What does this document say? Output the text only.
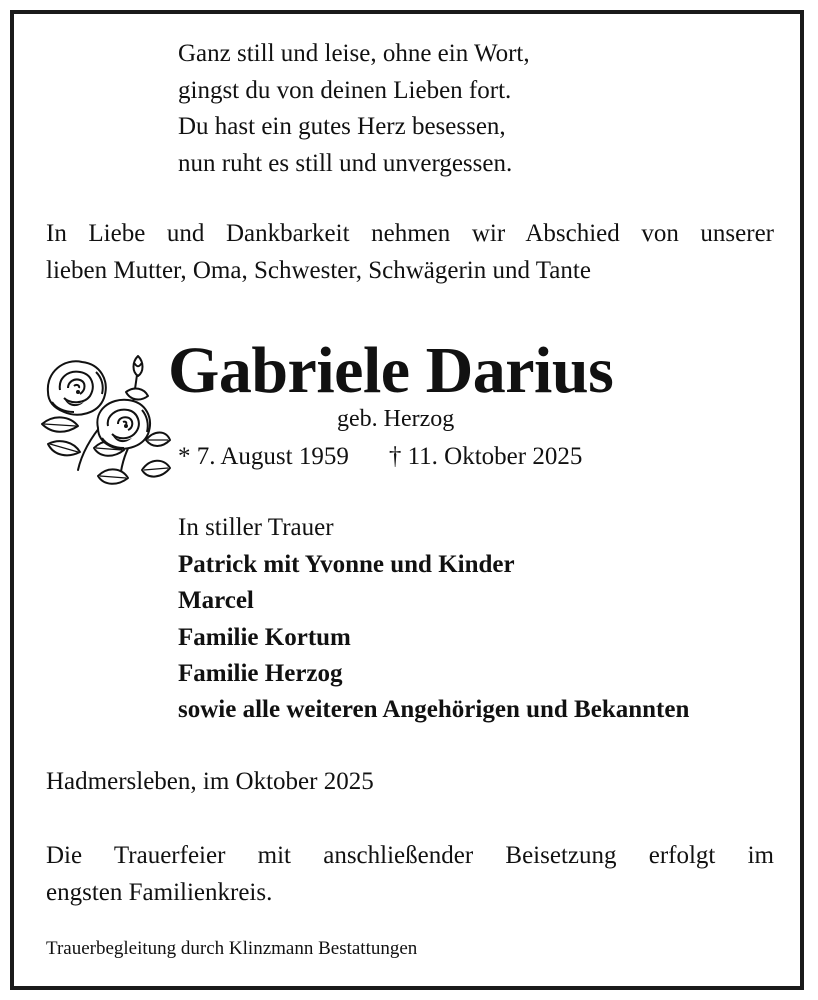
Ganz still und leise, ohne ein Wort,
gingst du von deinen Lieben fort.
Du hast ein gutes Herz besessen,
nun ruht es still und unvergessen.
In Liebe und Dankbarkeit nehmen wir Abschied von unserer
lieben Mutter, Oma, Schwester, Schwägerin und Tante
Gabriele Darius
geb. Herzog
* 7. August 1959 † 11. Oktober 2025
In stiller Trauer
Patrick mit Yvonne und Kinder
Marcel
Familie Kortum
Familie Herzog
sowie alle weiteren Angehörigen und Bekannten
Hadmersleben, im Oktober 2025
Die Trauerfeier mit anschließender Beisetzung erfolgt im
engsten Familienkreis.
Trauerbegleitung durch Klinzmann Bestattungen
